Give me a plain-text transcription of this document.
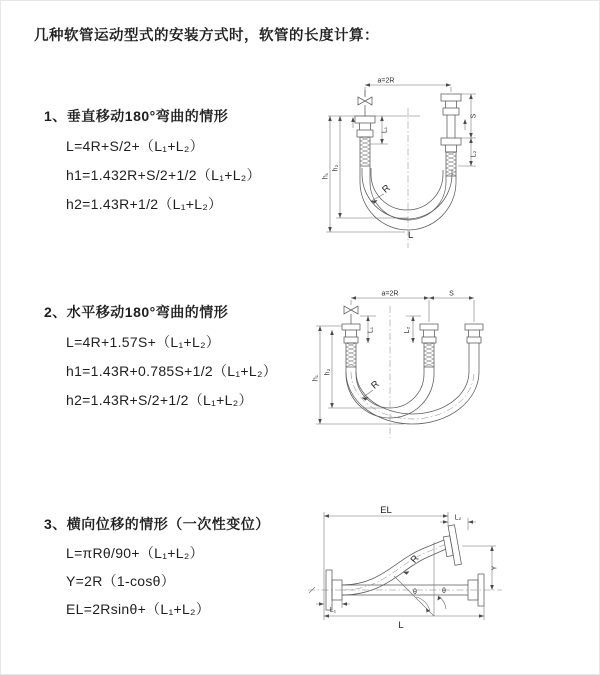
几种软管运动型式的安装方式时，软管的长度计算：
1、垂直移动180°弯曲的情形
L=4R+S/2+（L₁+L₂）
h1=1.432R+S/2+1/2（L₁+L₂）
h2=1.43R+1/2（L₁+L₂）
2、水平移动180°弯曲的情形
L=4R+1.57S+（L₁+L₂）
h1=1.43R+0.785S+1/2（L₁+L₂）
h2=1.43R+S/2+1/2（L₁+L₂）
3、横向位移的情形（一次性变位）
L=πRθ/90+（L₁+L₂）
Y=2R（1-cosθ）
EL=2Rsinθ+（L₁+L₂）
a=2R
L₁
S
L₂
h₁
h₂
R
L
a=2R	S
L₁	L₂
h₁
h₂
R
EL
L₂
Y
L
L₁
R
θ	θ
